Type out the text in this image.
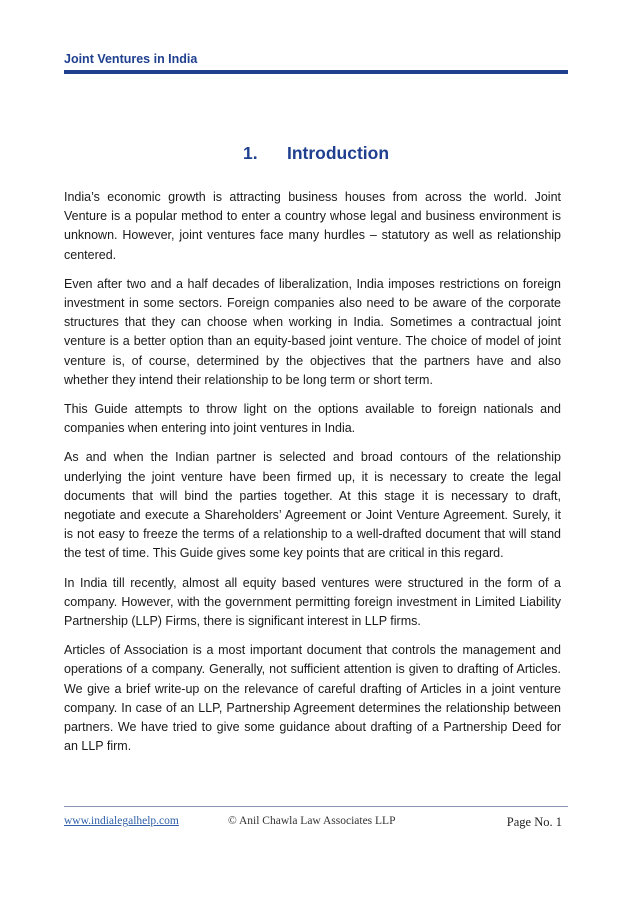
Joint Ventures in India
1. Introduction

India’s economic growth is attracting business houses from across the world. Joint Venture is a popular method to enter a country whose legal and business environment is unknown. However, joint ventures face many hurdles – statutory as well as relationship centered.

Even after two and a half decades of liberalization, India imposes restrictions on foreign investment in some sectors. Foreign companies also need to be aware of the corporate structures that they can choose when working in India. Sometimes a contractual joint venture is a better option than an equity-based joint venture. The choice of model of joint venture is, of course, determined by the objectives that the partners have and also whether they intend their relationship to be long term or short term.

This Guide attempts to throw light on the options available to foreign nationals and companies when entering into joint ventures in India.

As and when the Indian partner is selected and broad contours of the relationship underlying the joint venture have been firmed up, it is necessary to create the legal documents that will bind the parties together. At this stage it is necessary to draft, negotiate and execute a Shareholders’ Agreement or Joint Venture Agreement. Surely, it is not easy to freeze the terms of a relationship to a well-drafted document that will stand the test of time. This Guide gives some key points that are critical in this regard.

In India till recently, almost all equity based ventures were structured in the form of a company. However, with the government permitting foreign investment in Limited Liability Partnership (LLP) Firms, there is significant interest in LLP firms.

Articles of Association is a most important document that controls the management and operations of a company. Generally, not sufficient attention is given to drafting of Articles. We give a brief write-up on the relevance of careful drafting of Articles in a joint venture company. In case of an LLP, Partnership Agreement determines the relationship between partners. We have tried to give some guidance about drafting of a Partnership Deed for an LLP firm.

www.indialegalhelp.com	© Anil Chawla Law Associates LLP	Page No. 1
